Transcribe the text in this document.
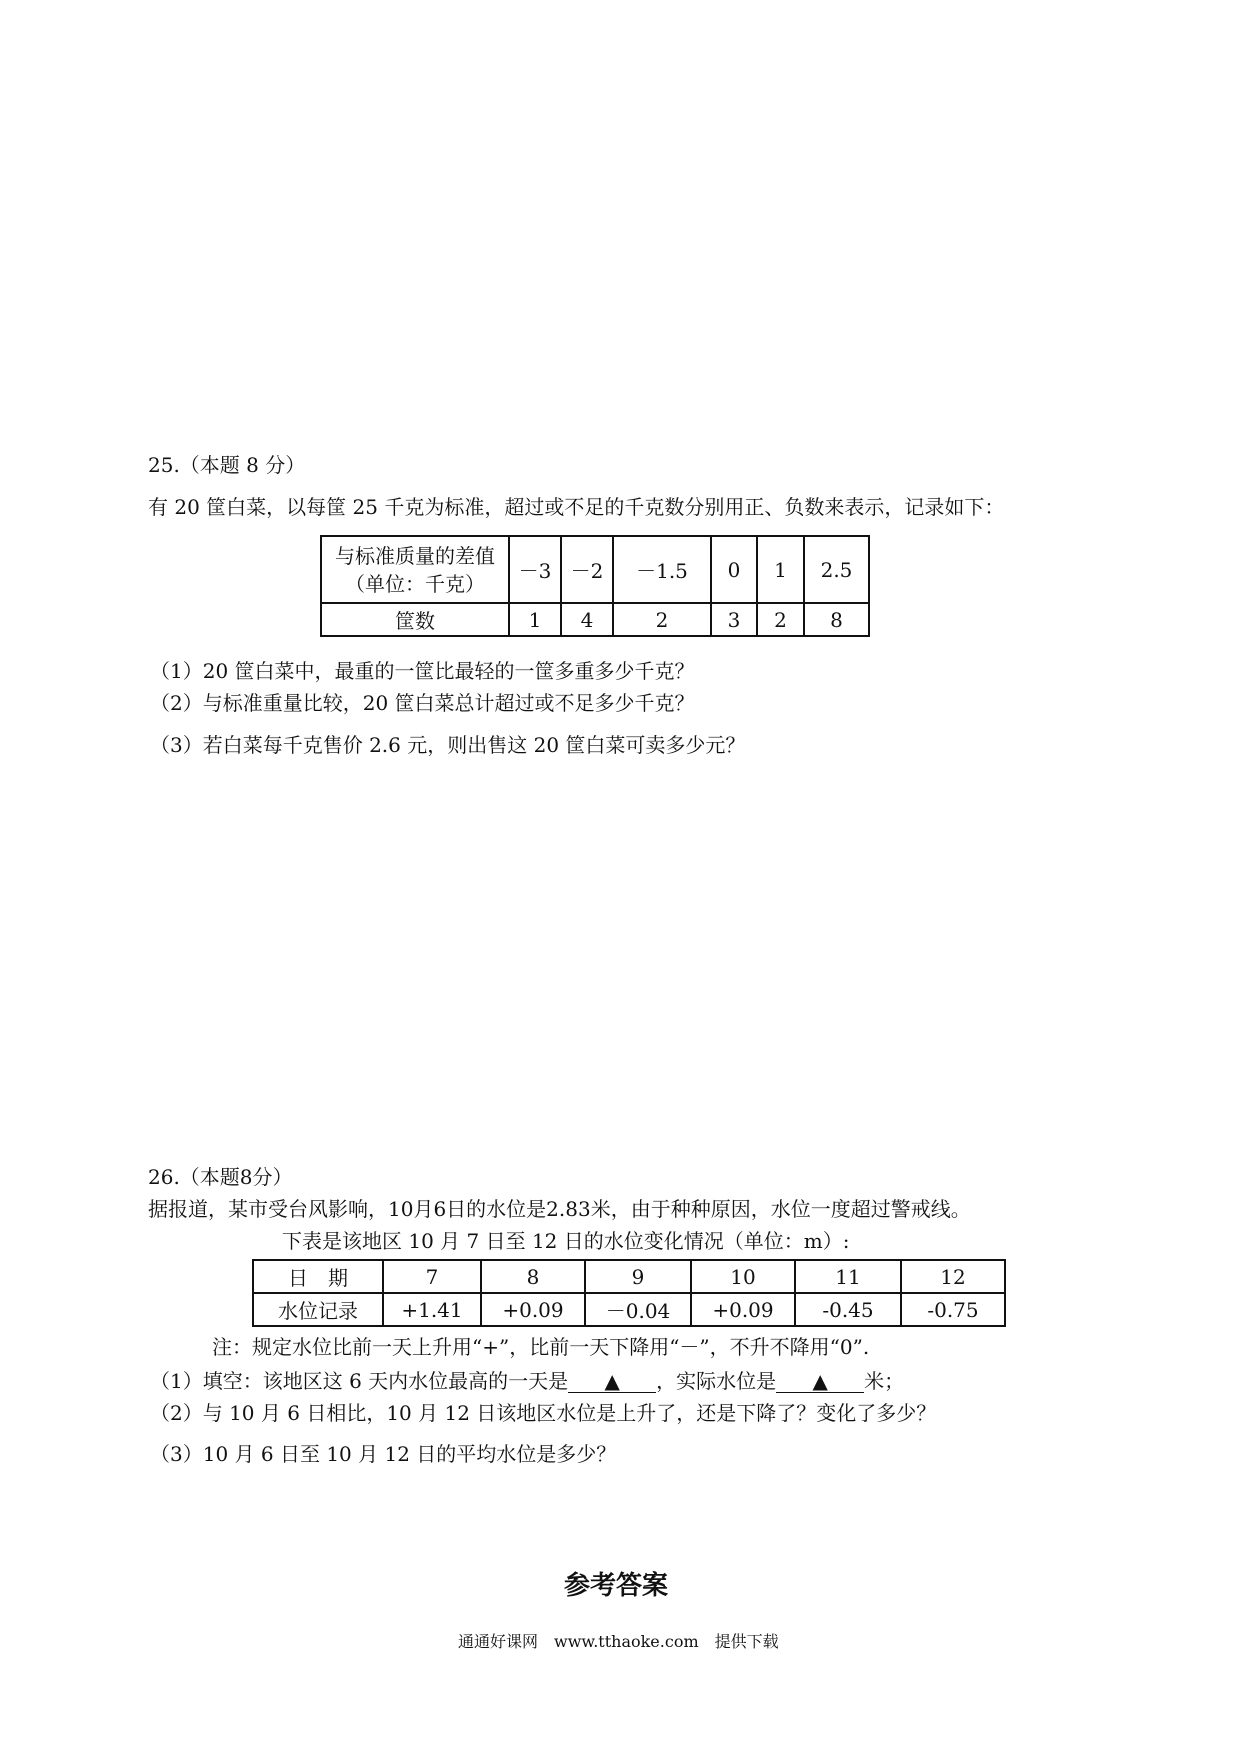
25.（本题 8 分）
有 20 筐白菜，以每筐 25 千克为标准，超过或不足的千克数分别用正、负数来表示，记录如下：
与标准质量的差值
（单位：千克）	－3	－2	－1.5	0	1	2.5
筐数	1	4	2	3	2	8
（1）20 筐白菜中，最重的一筐比最轻的一筐多重多少千克？
（2）与标准重量比较，20 筐白菜总计超过或不足多少千克？
（3）若白菜每千克售价 2.6 元，则出售这 20 筐白菜可卖多少元？
26.（本题8分）
据报道，某市受台风影响，10月6日的水位是2.83米，由于种种原因，水位一度超过警戒线。
下表是该地区 10 月 7 日至 12 日的水位变化情况（单位：m）:
日　期	7	8	9	10	11	12
水位记录	+1.41	+0.09	－0.04	+0.09	-0.45	-0.75
注：规定水位比前一天上升用“+”，比前一天下降用“－”，不升不降用“0”.
（1）填空：该地区这 6 天内水位最高的一天是 ▲ ，实际水位是 ▲ 米；
（2）与 10 月 6 日相比，10 月 12 日该地区水位是上升了，还是下降了？变化了多少？
（3）10 月 6 日至 10 月 12 日的平均水位是多少？
参考答案
通通好课网　www.tthaoke.com　提供下载
